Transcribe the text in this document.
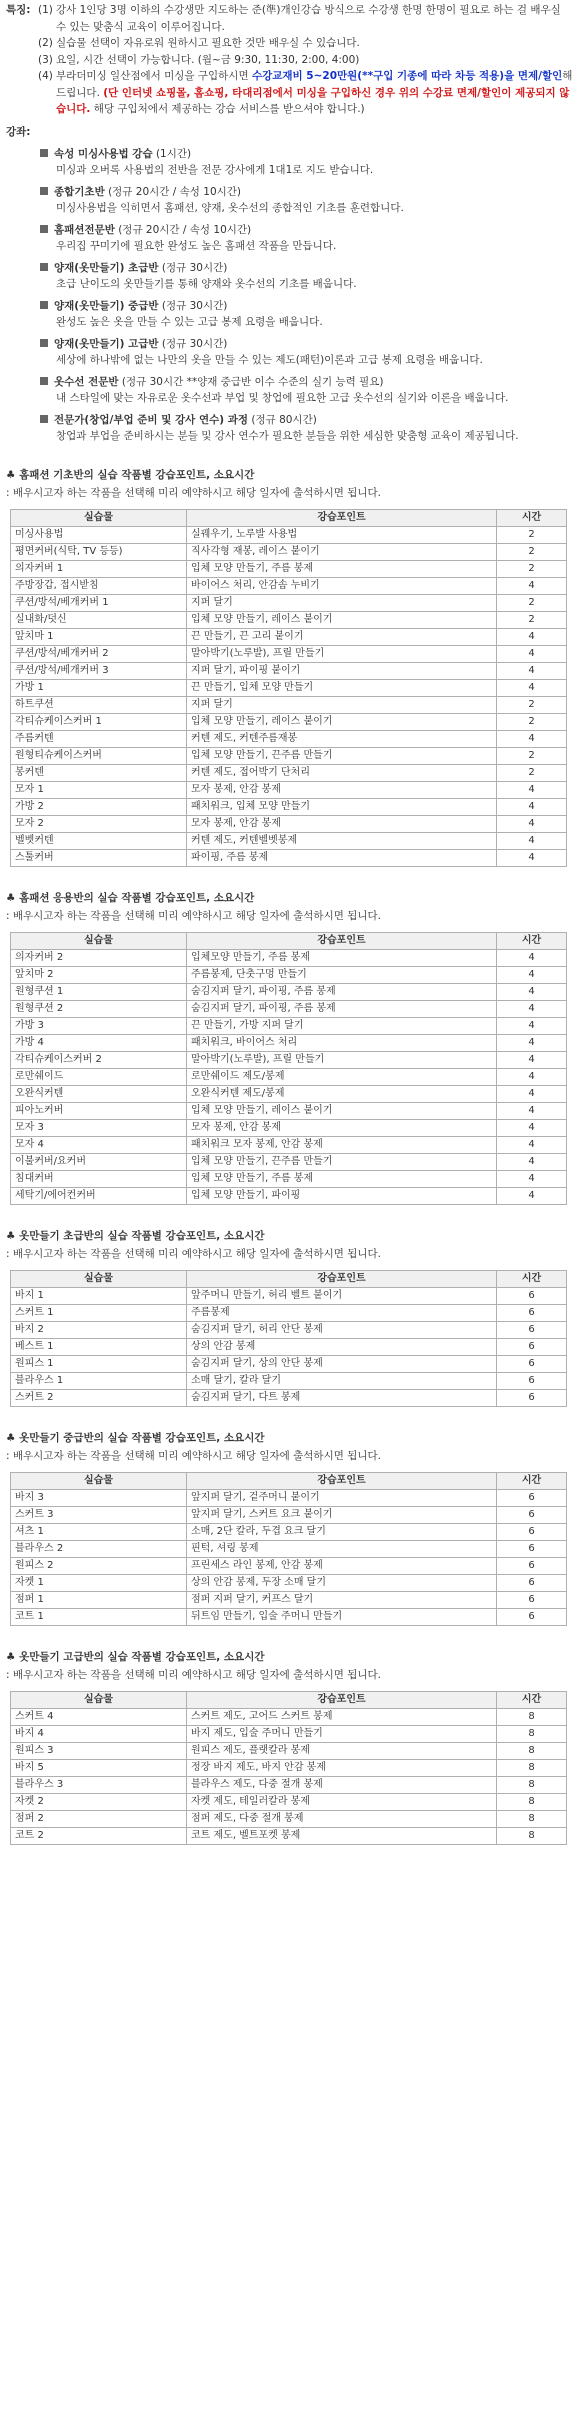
특징: (1) 강사 1인당 3명 이하의 수강생만 지도하는 준(準)개인강습 방식으로 수강생 한명 한명이 필요로 하는 걸 배우실 수 있는 맞춤식 교육이 이루어집니다.
(2) 실습물 선택이 자유로워 원하시고 필요한 것만 배우실 수 있습니다.
(3) 요일, 시간 선택이 가능합니다. (월~금 9:30, 11:30, 2:00, 4:00)
(4) 부라더미싱 일산점에서 미싱을 구입하시면 수강교재비 5~20만원(**구입 기종에 따라 차등 적용)을 면제/할인해 드립니다. (단 인터넷 쇼핑몰, 홈쇼핑, 타대리점에서 미싱을 구입하신 경우 위의 수강료 면제/할인이 제공되지 않습니다. 해당 구입처에서 제공하는 강습 서비스를 받으셔야 합니다.)
강좌:
속성 미싱사용법 강습 (1시간)
미싱과 오버록 사용법의 전반을 전문 강사에게 1대1로 지도 받습니다.
종합기초반 (정규 20시간 / 속성 10시간)
미싱사용법을 익히면서 홈패션, 양재, 옷수선의 종합적인 기초를 훈련합니다.
홈패션전문반 (정규 20시간 / 속성 10시간)
우리집 꾸미기에 필요한 완성도 높은 홈패션 작품을 만듭니다.
양재(옷만들기) 초급반 (정규 30시간)
초급 난이도의 옷만들기를 통해 양재와 옷수선의 기초를 배웁니다.
양재(옷만들기) 중급반 (정규 30시간)
완성도 높은 옷을 만들 수 있는 고급 봉제 요령을 배웁니다.
양재(옷만들기) 고급반 (정규 30시간)
세상에 하나밖에 없는 나만의 옷을 만들 수 있는 제도(패턴)이론과 고급 봉제 요령을 배웁니다.
옷수선 전문반 (정규 30시간 **양재 중급반 이수 수준의 실기 능력 필요)
내 스타일에 맞는 자유로운 옷수선과 부업 및 창업에 필요한 고급 옷수선의 실기와 이론을 배웁니다.
전문가(창업/부업 준비 및 강사 연수) 과정 (정규 80시간)
창업과 부업을 준비하시는 분들 및 강사 연수가 필요한 분들을 위한 세심한 맞춤형 교육이 제공됩니다.
♣ 홈패션 기초반의 실습 작품별 강습포인트, 소요시간
: 배우시고자 하는 작품을 선택해 미리 예약하시고 해당 일자에 출석하시면 됩니다.
실습물	강습포인트	시간
미싱사용법	실꿰우기, 노루발 사용법	2
평면커버(식탁, TV 등등)	직사각형 재봉, 레이스 붙이기	2
의자커버 1	입체 모양 만들기, 주름 봉제	2
주방장갑, 접시받침	바이어스 처리, 안감솜 누비기	4
쿠션/방석/베개커버 1	지퍼 달기	2
실내화/덧신	입체 모양 만들기, 레이스 붙이기	2
앞치마 1	끈 만들기, 끈 고리 붙이기	4
쿠션/방석/베개커버 2	말아박기(노루발), 프릴 만들기	4
쿠션/방석/베개커버 3	지퍼 달기, 파이핑 붙이기	4
가방 1	끈 만들기, 입체 모양 만들기	4
하트쿠션	지퍼 달기	2
각티슈케이스커버 1	입체 모양 만들기, 레이스 붙이기	2
주름커텐	커텐 제도, 커텐주름재봉	4
원형티슈케이스커버	입체 모양 만들기, 끈주름 만들기	2
봉커텐	커텐 제도, 접어박기 단처리	2
모자 1	모자 봉제, 안감 봉제	4
가방 2	패치워크, 입체 모양 만들기	4
모자 2	모자 봉제, 안감 봉제	4
벨벳커텐	커텐 제도, 커텐벨벳봉제	4
스툴커버	파이핑, 주름 봉제	4
♣ 홈패션 응용반의 실습 작품별 강습포인트, 소요시간
: 배우시고자 하는 작품을 선택해 미리 예약하시고 해당 일자에 출석하시면 됩니다.
실습물	강습포인트	시간
의자커버 2	입체모양 만들기, 주름 봉제	4
앞치마 2	주름봉제, 단춧구멍 만들기	4
원형쿠션 1	숨김지퍼 달기, 파이핑, 주름 봉제	4
원형쿠션 2	숨김지퍼 달기, 파이핑, 주름 봉제	4
가방 3	끈 만들기, 가방 지퍼 달기	4
가방 4	패치워크, 바이어스 처리	4
각티슈케이스커버 2	말아박기(노루발), 프릴 만들기	4
로만쉐이드	로만쉐이드 제도/봉제	4
오완식커텐	오완식커텐 제도/봉제	4
피아노커버	입체 모양 만들기, 레이스 붙이기	4
모자 3	모자 봉제, 안감 봉제	4
모자 4	패치워크 모자 봉제, 안감 봉제	4
이불커버/요커버	입체 모양 만들기, 끈주름 만들기	4
침대커버	입체 모양 만들기, 주름 봉제	4
세탁기/에어컨커버	입체 모양 만들기, 파이핑	4
♣ 옷만들기 초급반의 실습 작품별 강습포인트, 소요시간
: 배우시고자 하는 작품을 선택해 미리 예약하시고 해당 일자에 출석하시면 됩니다.
실습물	강습포인트	시간
바지 1	앞주머니 만들기, 허리 벨트 붙이기	6
스커트 1	주름봉제	6
바지 2	숨김지퍼 달기, 허리 안단 봉제	6
베스트 1	상의 안감 봉제	6
원피스 1	숨김지퍼 달기, 상의 안단 봉제	6
블라우스 1	소매 달기, 칼라 달기	6
스커트 2	숨김지퍼 달기, 다트 봉제	6
♣ 옷만들기 중급반의 실습 작품별 강습포인트, 소요시간
: 배우시고자 하는 작품을 선택해 미리 예약하시고 해당 일자에 출석하시면 됩니다.
실습물	강습포인트	시간
바지 3	앞지퍼 달기, 겉주머니 붙이기	6
스커트 3	앞지퍼 달기, 스커트 요크 붙이기	6
셔츠 1	소매, 2단 칼라, 두겹 요크 달기	6
블라우스 2	핀턱, 셔링 봉제	6
원피스 2	프린세스 라인 봉제, 안감 봉제	6
자켓 1	상의 안감 봉제, 두장 소매 달기	6
점퍼 1	점퍼 지퍼 달기, 커프스 달기	6
코트 1	뒤트임 만들기, 입술 주머니 만들기	6
♣ 옷만들기 고급반의 실습 작품별 강습포인트, 소요시간
: 배우시고자 하는 작품을 선택해 미리 예약하시고 해당 일자에 출석하시면 됩니다.
실습물	강습포인트	시간
스커트 4	스커트 제도, 고어드 스커트 봉제	8
바지 4	바지 제도, 입술 주머니 만들기	8
원피스 3	원피스 제도, 플랫칼라 봉제	8
바지 5	정장 바지 제도, 바지 안감 봉제	8
블라우스 3	블라우스 제도, 다중 절개 봉제	8
자켓 2	자켓 제도, 테일러칼라 봉제	8
점퍼 2	점퍼 제도, 다중 절개 봉제	8
코트 2	코트 제도, 벨트포켓 봉제	8
